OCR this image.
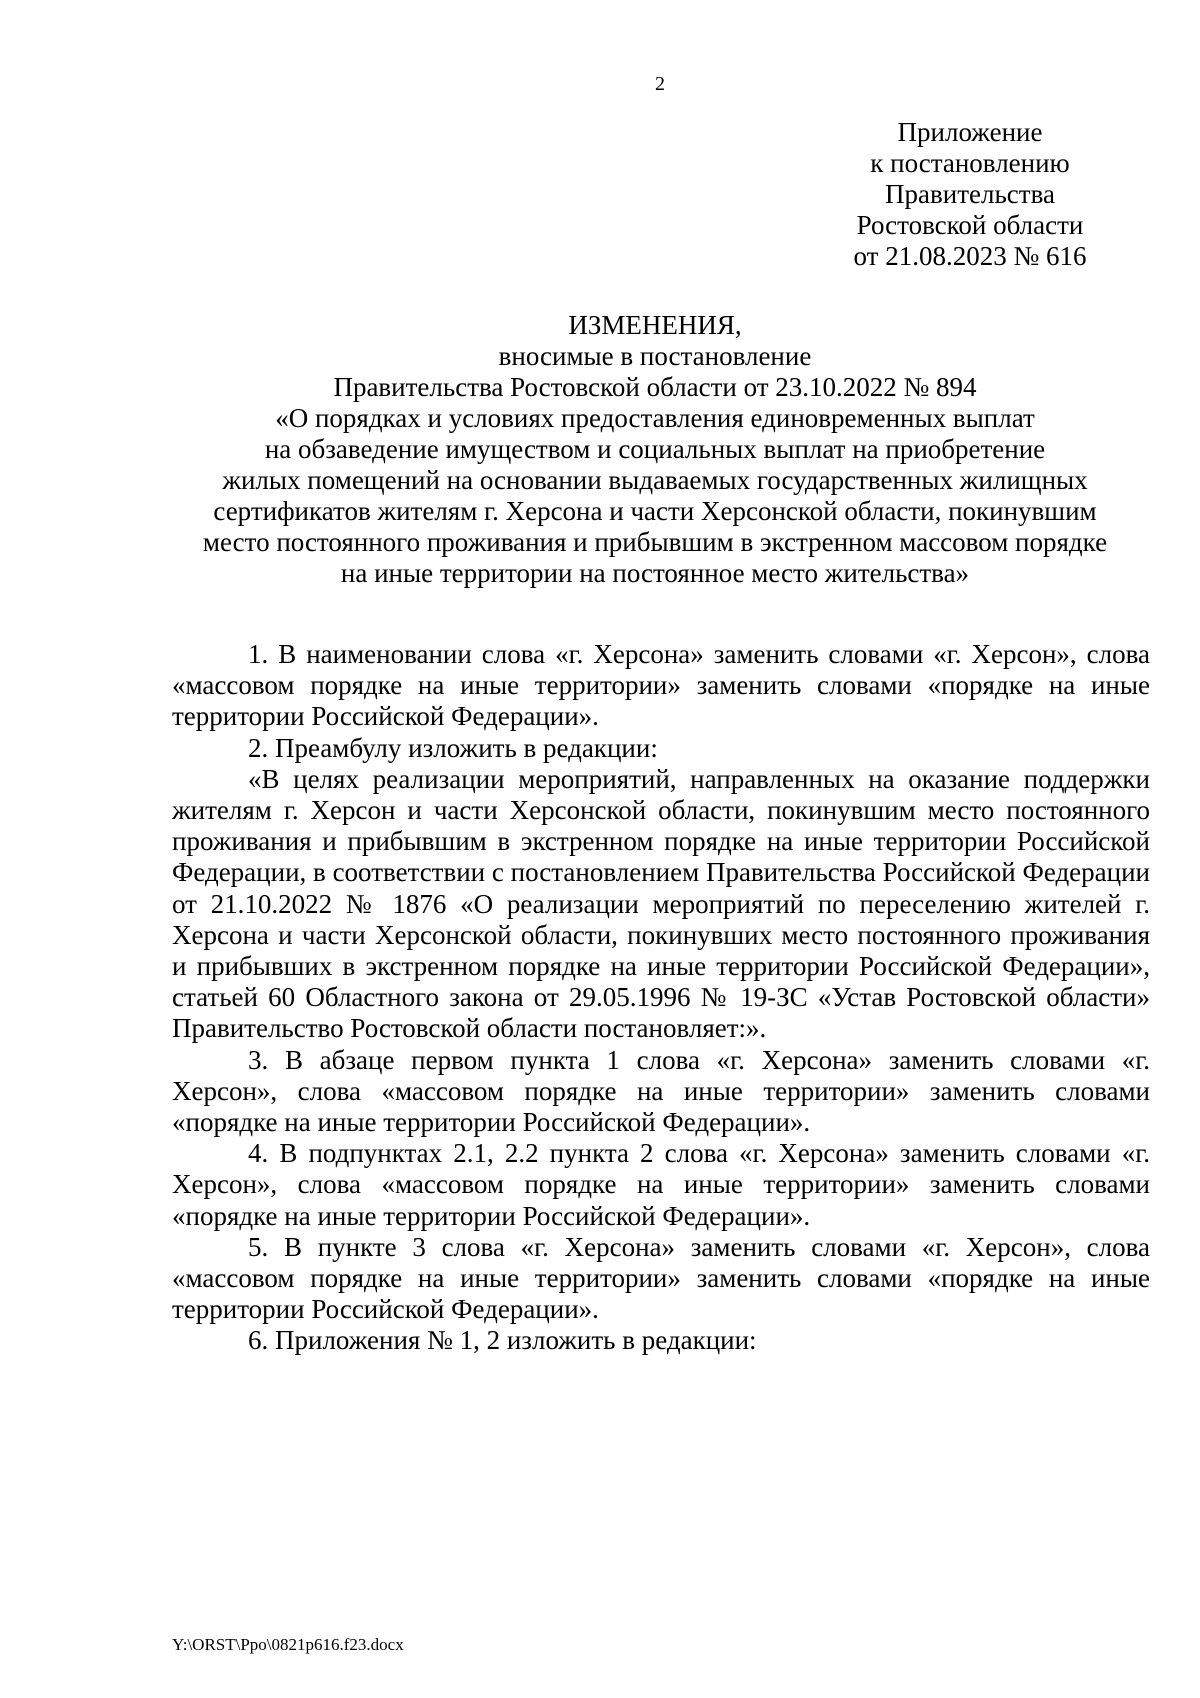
2
Приложение
к постановлению
Правительства
Ростовской области
от 21.08.2023 № 616
ИЗМЕНЕНИЯ,
вносимые в постановление
Правительства Ростовской области от 23.10.2022 № 894
«О порядках и условиях предоставления единовременных выплат
на обзаведение имуществом и социальных выплат на приобретение
жилых помещений на основании выдаваемых государственных жилищных
сертификатов жителям г. Херсона и части Херсонской области, покинувшим
место постоянного проживания и прибывшим в экстренном массовом порядке
на иные территории на постоянное место жительства»

1. В наименовании слова «г. Херсона» заменить словами «г. Херсон», слова «массовом порядке на иные территории» заменить словами «порядке на иные территории Российской Федерации».

2. Преамбулу изложить в редакции:

«В целях реализации мероприятий, направленных на оказание поддержки жителям г. Херсон и части Херсонской области, покинувшим место постоянного проживания и прибывшим в экстренном порядке на иные территории Российской Федерации, в соответствии с постановлением Правительства Российской Федерации от 21.10.2022 № 1876 «О реализации мероприятий по переселению жителей г. Херсона и части Херсонской области, покинувших место постоянного проживания и прибывших в экстренном порядке на иные территории Российской Федерации», статьей 60 Областного закона от 29.05.1996 № 19-ЗС «Устав Ростовской области» Правительство Ростовской области постановляет:».

3. В абзаце первом пункта 1 слова «г. Херсона» заменить словами «г. Херсон», слова «массовом порядке на иные территории» заменить словами «порядке на иные территории Российской Федерации».

4. В подпунктах 2.1, 2.2 пункта 2 слова «г. Херсона» заменить словами «г. Херсон», слова «массовом порядке на иные территории» заменить словами «порядке на иные территории Российской Федерации».

5. В пункте 3 слова «г. Херсона» заменить словами «г. Херсон», слова «массовом порядке на иные территории» заменить словами «порядке на иные территории Российской Федерации».

6. Приложения № 1, 2 изложить в редакции:

Y:\ORST\Ppo\0821p616.f23.docx
